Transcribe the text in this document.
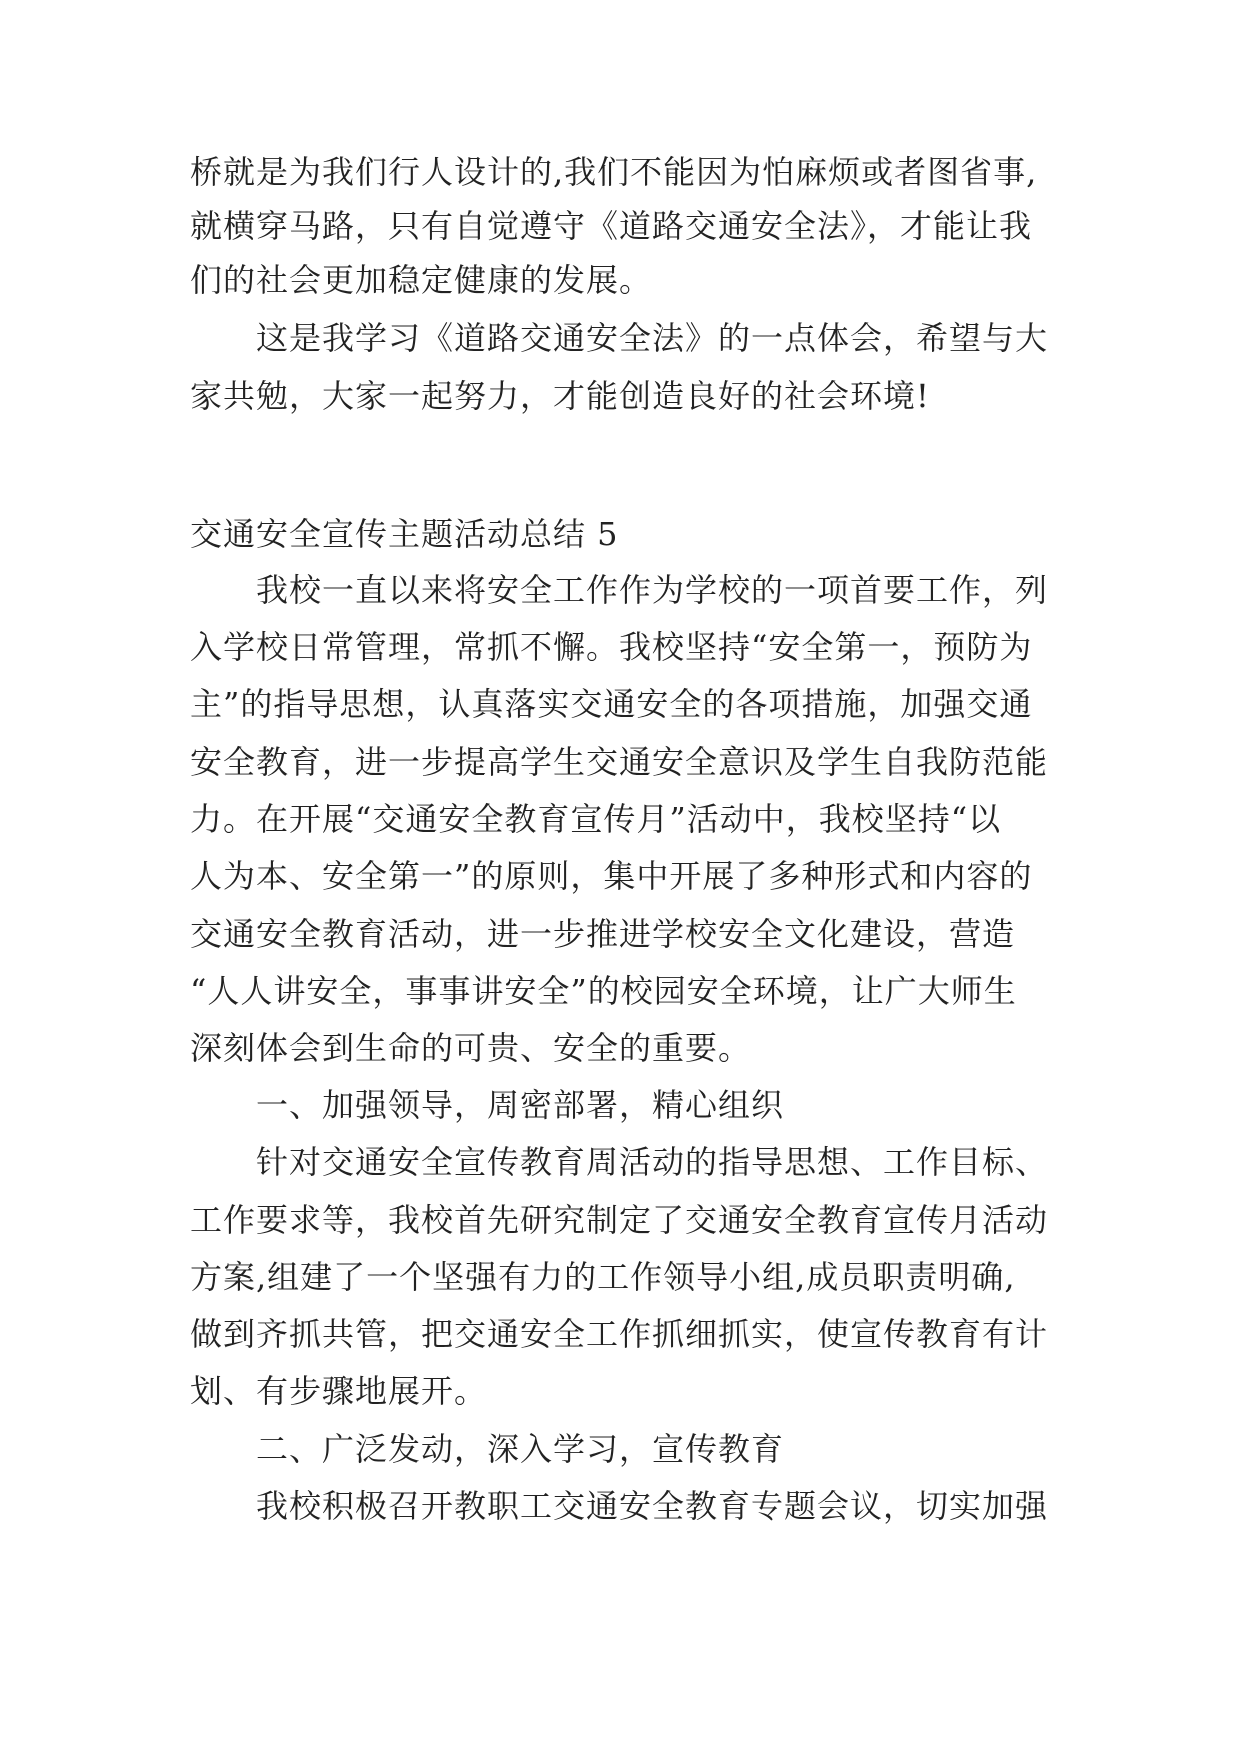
桥就是为我们行人设计的,我们不能因为怕麻烦或者图省事,
就横穿马路，只有自觉遵守《道路交通安全法》，才能让我
们的社会更加稳定健康的发展。
这是我学习《道路交通安全法》的一点体会，希望与大
家共勉，大家一起努力，才能创造良好的社会环境!
交通安全宣传主题活动总结 5
我校一直以来将安全工作作为学校的一项首要工作，列
入学校日常管理，常抓不懈。我校坚持“安全第一，预防为
主”的指导思想，认真落实交通安全的各项措施，加强交通
安全教育，进一步提高学生交通安全意识及学生自我防范能
力。在开展“交通安全教育宣传月”活动中，我校坚持“以
人为本、安全第一”的原则，集中开展了多种形式和内容的
交通安全教育活动，进一步推进学校安全文化建设，营造
“人人讲安全，事事讲安全”的校园安全环境，让广大师生
深刻体会到生命的可贵、安全的重要。
一、加强领导，周密部署，精心组织
针对交通安全宣传教育周活动的指导思想、工作目标、
工作要求等，我校首先研究制定了交通安全教育宣传月活动
方案,组建了一个坚强有力的工作领导小组,成员职责明确,
做到齐抓共管，把交通安全工作抓细抓实，使宣传教育有计
划、有步骤地展开。
二、广泛发动，深入学习，宣传教育
我校积极召开教职工交通安全教育专题会议，切实加强
